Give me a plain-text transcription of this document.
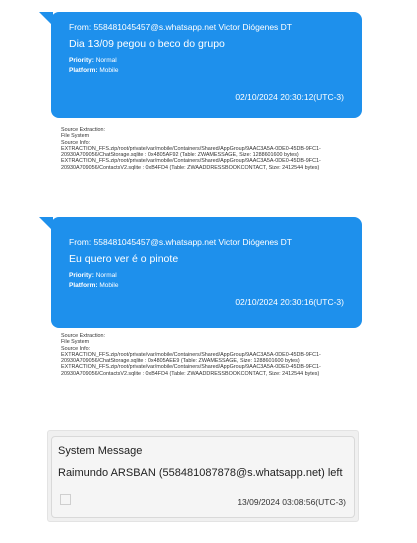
From: 558481045457@s.whatsapp.net Victor Diógenes DT
Dia 13/09 pegou o beco do grupo
Priority: Normal
Platform: Mobile
02/10/2024 20:30:12(UTC-3)
Source Extraction:
File System
Source Info:
EXTRACTION_FFS.zip/root/private/var/mobile/Containers/Shared/AppGroup/9AAC3A5A-0DE0-45DB-9FC1-20930A709056/ChatStorage.sqlite : 0x4805AF92 (Table: ZWAMESSAGE, Size: 1288601600 bytes)
EXTRACTION_FFS.zip/root/private/var/mobile/Containers/Shared/AppGroup/9AAC3A5A-0DE0-45DB-9FC1-20930A709056/ContactsV2.sqlite : 0xB4FD4 (Table: ZWAADDRESSBOOKCONTACT, Size: 2412544 bytes)
From: 558481045457@s.whatsapp.net Victor Diógenes DT
Eu quero ver é o pinote
Priority: Normal
Platform: Mobile
02/10/2024 20:30:16(UTC-3)
Source Extraction:
File System
Source Info:
EXTRACTION_FFS.zip/root/private/var/mobile/Containers/Shared/AppGroup/9AAC3A5A-0DE0-45DB-9FC1-20930A709056/ChatStorage.sqlite : 0x4805AEE9 (Table: ZWAMESSAGE, Size: 1288601600 bytes)
EXTRACTION_FFS.zip/root/private/var/mobile/Containers/Shared/AppGroup/9AAC3A5A-0DE0-45DB-9FC1-20930A709056/ContactsV2.sqlite : 0xB4FD4 (Table: ZWAADDRESSBOOKCONTACT, Size: 2412544 bytes)
System Message
Raimundo ARSBAN (558481087878@s.whatsapp.net) left
13/09/2024 03:08:56(UTC-3)
